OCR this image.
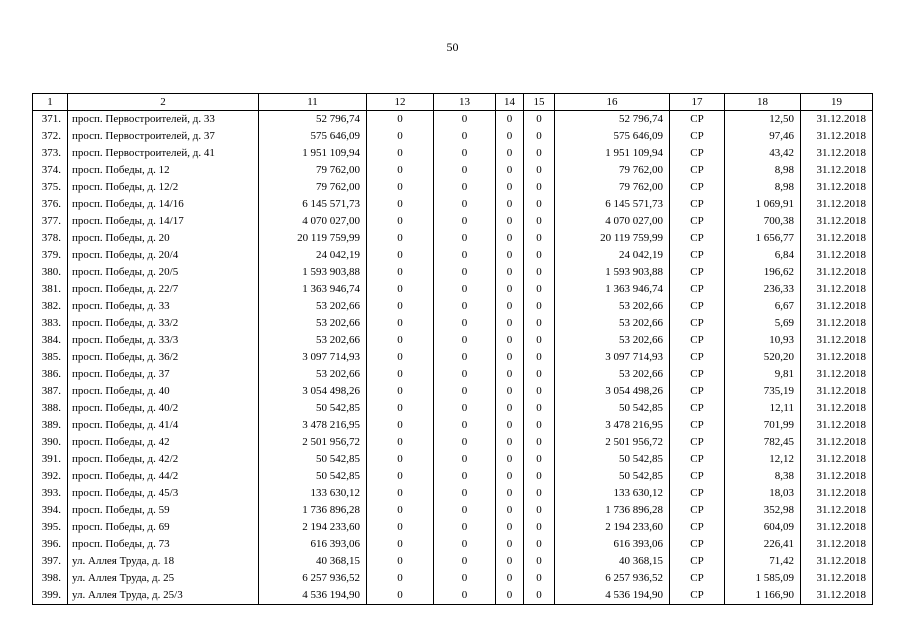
50
1	2	11	12	13	14	15	16	17	18	19
371.	просп. Первостроителей, д. 33	52 796,74	0	0	0	0	52 796,74	СР	12,50	31.12.2018
372.	просп. Первостроителей, д. 37	575 646,09	0	0	0	0	575 646,09	СР	97,46	31.12.2018
373.	просп. Первостроителей, д. 41	1 951 109,94	0	0	0	0	1 951 109,94	СР	43,42	31.12.2018
374.	просп. Победы, д. 12	79 762,00	0	0	0	0	79 762,00	СР	8,98	31.12.2018
375.	просп. Победы, д. 12/2	79 762,00	0	0	0	0	79 762,00	СР	8,98	31.12.2018
376.	просп. Победы, д. 14/16	6 145 571,73	0	0	0	0	6 145 571,73	СР	1 069,91	31.12.2018
377.	просп. Победы, д. 14/17	4 070 027,00	0	0	0	0	4 070 027,00	СР	700,38	31.12.2018
378.	просп. Победы, д. 20	20 119 759,99	0	0	0	0	20 119 759,99	СР	1 656,77	31.12.2018
379.	просп. Победы, д. 20/4	24 042,19	0	0	0	0	24 042,19	СР	6,84	31.12.2018
380.	просп. Победы, д. 20/5	1 593 903,88	0	0	0	0	1 593 903,88	СР	196,62	31.12.2018
381.	просп. Победы, д. 22/7	1 363 946,74	0	0	0	0	1 363 946,74	СР	236,33	31.12.2018
382.	просп. Победы, д. 33	53 202,66	0	0	0	0	53 202,66	СР	6,67	31.12.2018
383.	просп. Победы, д. 33/2	53 202,66	0	0	0	0	53 202,66	СР	5,69	31.12.2018
384.	просп. Победы, д. 33/3	53 202,66	0	0	0	0	53 202,66	СР	10,93	31.12.2018
385.	просп. Победы, д. 36/2	3 097 714,93	0	0	0	0	3 097 714,93	СР	520,20	31.12.2018
386.	просп. Победы, д. 37	53 202,66	0	0	0	0	53 202,66	СР	9,81	31.12.2018
387.	просп. Победы, д. 40	3 054 498,26	0	0	0	0	3 054 498,26	СР	735,19	31.12.2018
388.	просп. Победы, д. 40/2	50 542,85	0	0	0	0	50 542,85	СР	12,11	31.12.2018
389.	просп. Победы, д. 41/4	3 478 216,95	0	0	0	0	3 478 216,95	СР	701,99	31.12.2018
390.	просп. Победы, д. 42	2 501 956,72	0	0	0	0	2 501 956,72	СР	782,45	31.12.2018
391.	просп. Победы, д. 42/2	50 542,85	0	0	0	0	50 542,85	СР	12,12	31.12.2018
392.	просп. Победы, д. 44/2	50 542,85	0	0	0	0	50 542,85	СР	8,38	31.12.2018
393.	просп. Победы, д. 45/3	133 630,12	0	0	0	0	133 630,12	СР	18,03	31.12.2018
394.	просп. Победы, д. 59	1 736 896,28	0	0	0	0	1 736 896,28	СР	352,98	31.12.2018
395.	просп. Победы, д. 69	2 194 233,60	0	0	0	0	2 194 233,60	СР	604,09	31.12.2018
396.	просп. Победы, д. 73	616 393,06	0	0	0	0	616 393,06	СР	226,41	31.12.2018
397.	ул. Аллея Труда, д. 18	40 368,15	0	0	0	0	40 368,15	СР	71,42	31.12.2018
398.	ул. Аллея Труда, д. 25	6 257 936,52	0	0	0	0	6 257 936,52	СР	1 585,09	31.12.2018
399.	ул. Аллея Труда, д. 25/3	4 536 194,90	0	0	0	0	4 536 194,90	СР	1 166,90	31.12.2018
